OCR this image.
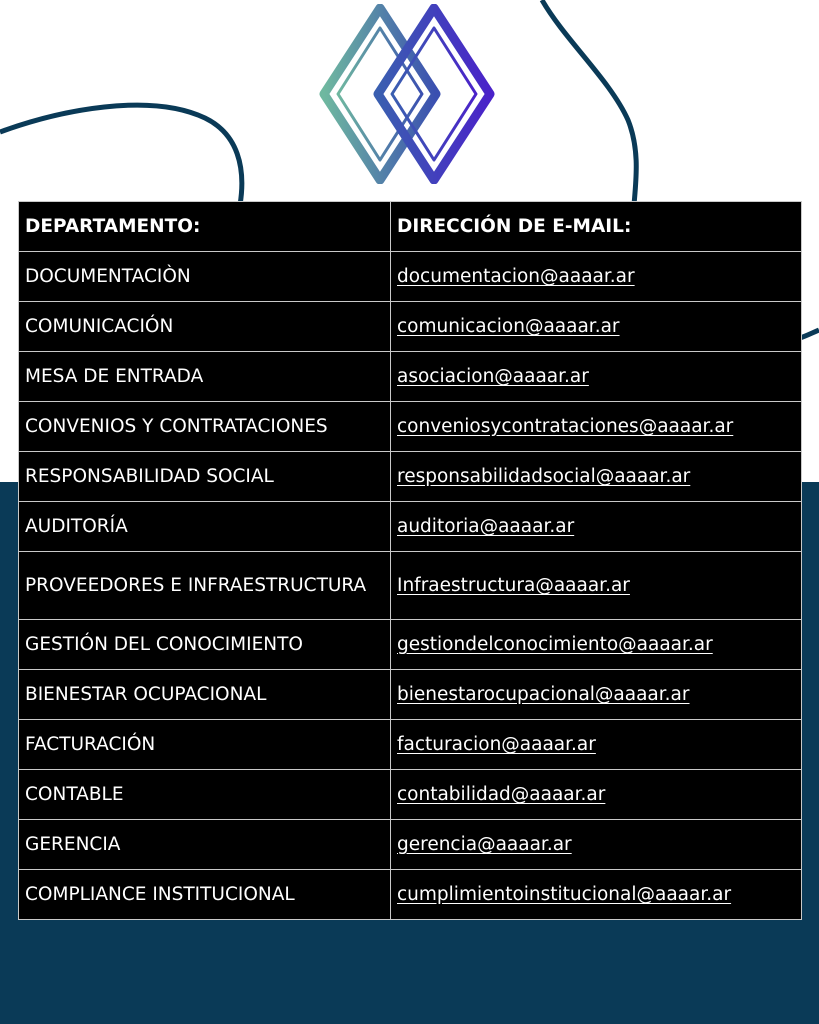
DEPARTAMENTO:	DIRECCIÓN DE E-MAIL:
DOCUMENTACIÒN	documentacion@aaaar.ar
COMUNICACIÓN	comunicacion@aaaar.ar
MESA DE ENTRADA	asociacion@aaaar.ar
CONVENIOS Y CONTRATACIONES	conveniosycontrataciones@aaaar.ar
RESPONSABILIDAD SOCIAL	responsabilidadsocial@aaaar.ar
AUDITORÍA	auditoria@aaaar.ar
PROVEEDORES E INFRAESTRUCTURA	Infraestructura@aaaar.ar
GESTIÓN DEL CONOCIMIENTO	gestiondelconocimiento@aaaar.ar
BIENESTAR OCUPACIONAL	bienestarocupacional@aaaar.ar
FACTURACIÓN	facturacion@aaaar.ar
CONTABLE	contabilidad@aaaar.ar
GERENCIA	gerencia@aaaar.ar
COMPLIANCE INSTITUCIONAL	cumplimientoinstitucional@aaaar.ar
